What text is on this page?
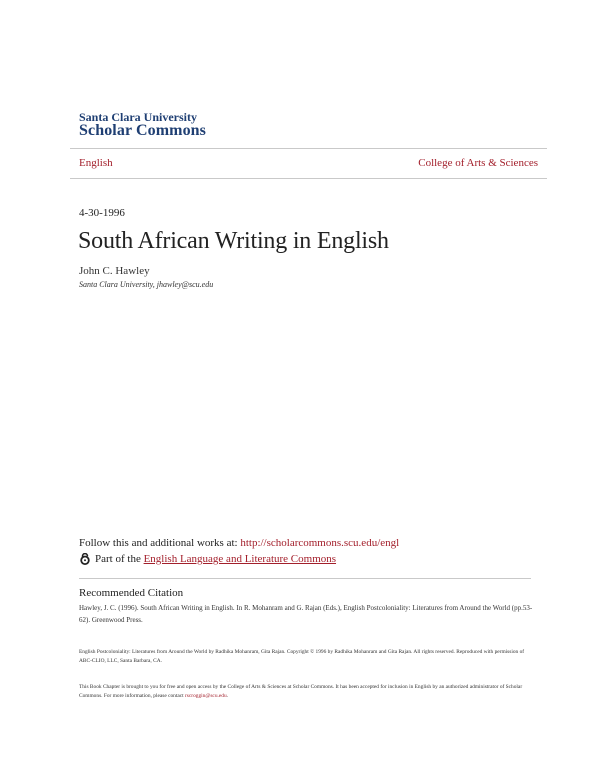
Santa Clara University
Scholar Commons
English	College of Arts & Sciences
4-30-1996
South African Writing in English
John C. Hawley
Santa Clara University, jhawley@scu.edu
Follow this and additional works at: http://scholarcommons.scu.edu/engl
Part of the
English Language and Literature Commons
Recommended Citation
Hawley, J. C. (1996). South African Writing in English. In R. Mohanram and G. Rajan (Eds.), English Postcoloniality: Literatures from Around the World (pp.53-62). Greenwood Press.
English Postcoloniality: Literatures from Around the World by Radhika Mohanram, Gita Rajan. Copyright © 1996 by Radhika Mohanram and Gita Rajan. All rights reserved. Reproduced with permission of ABC-CLIO, LLC, Santa Barbara, CA.
This Book Chapter is brought to you for free and open access by the College of Arts & Sciences at Scholar Commons. It has been accepted for inclusion in English by an authorized administrator of Scholar Commons. For more information, please contact rscroggin@scu.edu.
